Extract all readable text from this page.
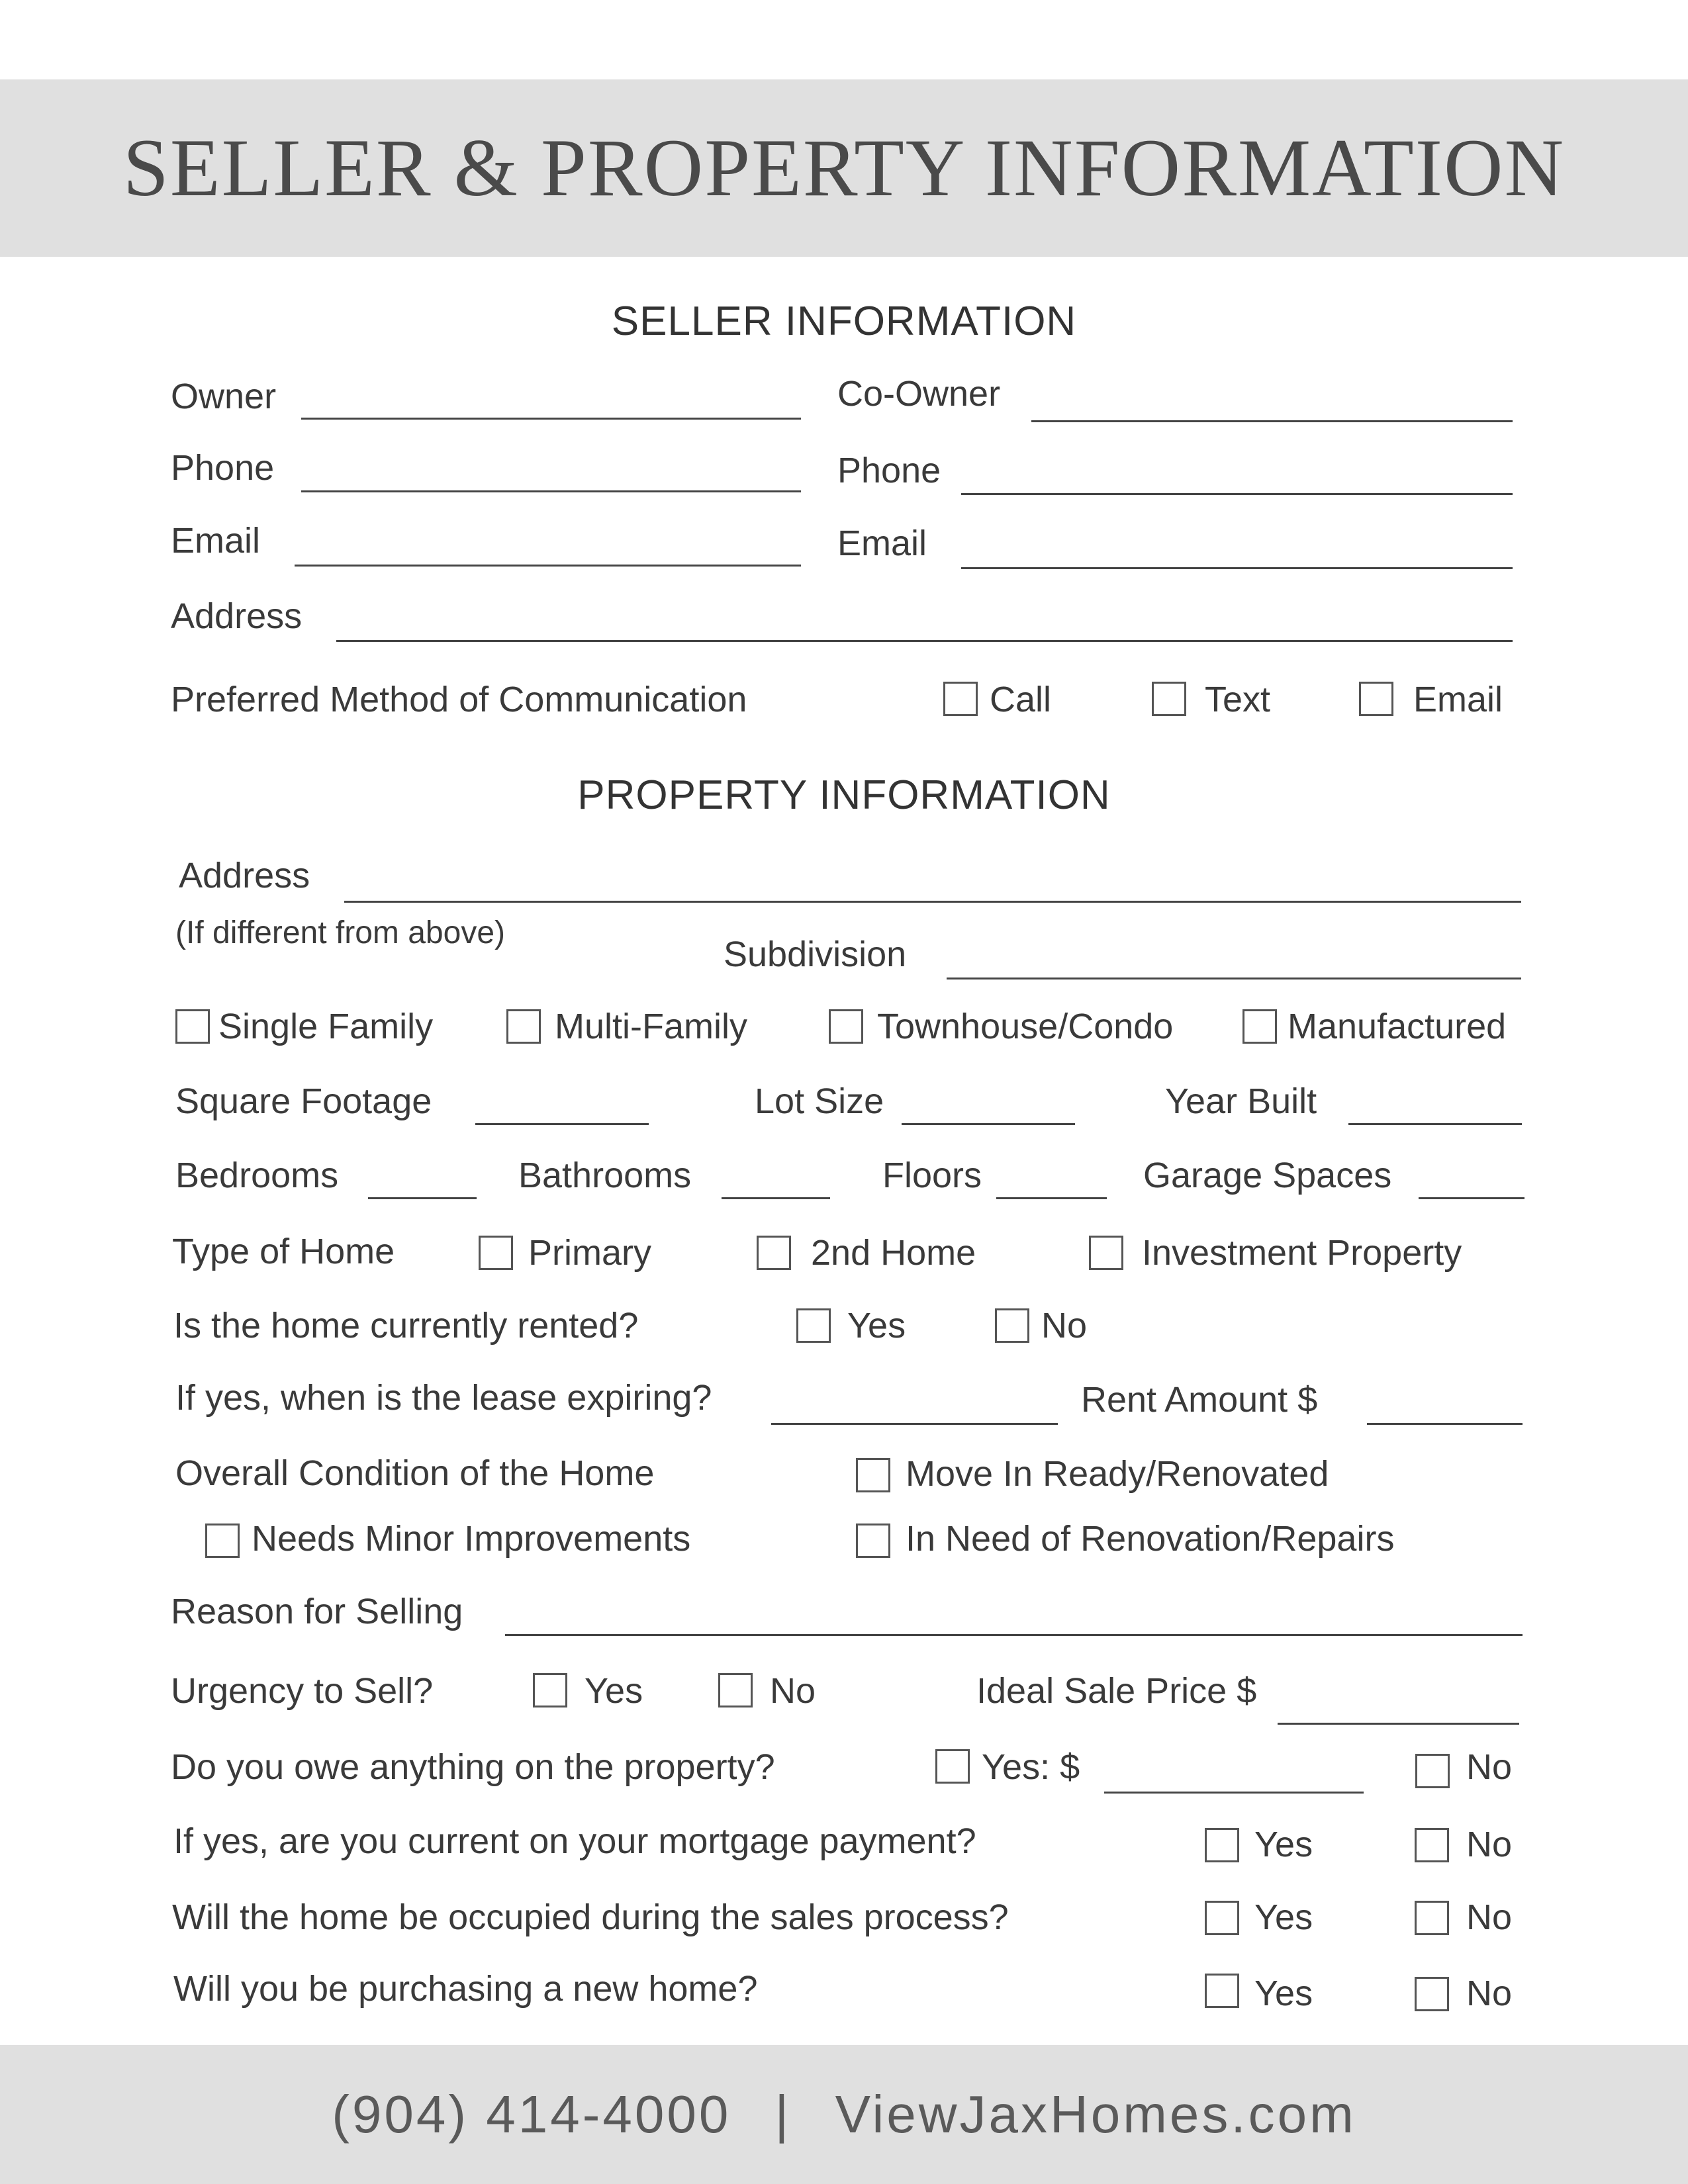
SELLER & PROPERTY INFORMATION
SELLER INFORMATION
Owner	Co-Owner
Phone	Phone
Email	Email
Address
Preferred Method of Communication	Call	Text	Email
PROPERTY INFORMATION
Address
(If different from above)
Subdivision
Single Family	Multi-Family	Townhouse/Condo	Manufactured
Square Footage	Lot Size	Year Built
Bedrooms	Bathrooms	Floors	Garage Spaces
Type of Home	Primary	2nd Home	Investment Property
Is the home currently rented?	Yes	No
If yes, when is the lease expiring?	Rent Amount $
Overall Condition of the Home	Move In Ready/Renovated
Needs Minor Improvements	In Need of Renovation/Repairs
Reason for Selling
Urgency to Sell?	Yes	No	Ideal Sale Price $
Do you owe anything on the property?	Yes: $	No
If yes, are you current on your mortgage payment?	Yes	No
Will the home be occupied during the sales process?	Yes	No
Will you be purchasing a new home?	Yes	No
(904) 414-4000 | ViewJaxHomes.com
